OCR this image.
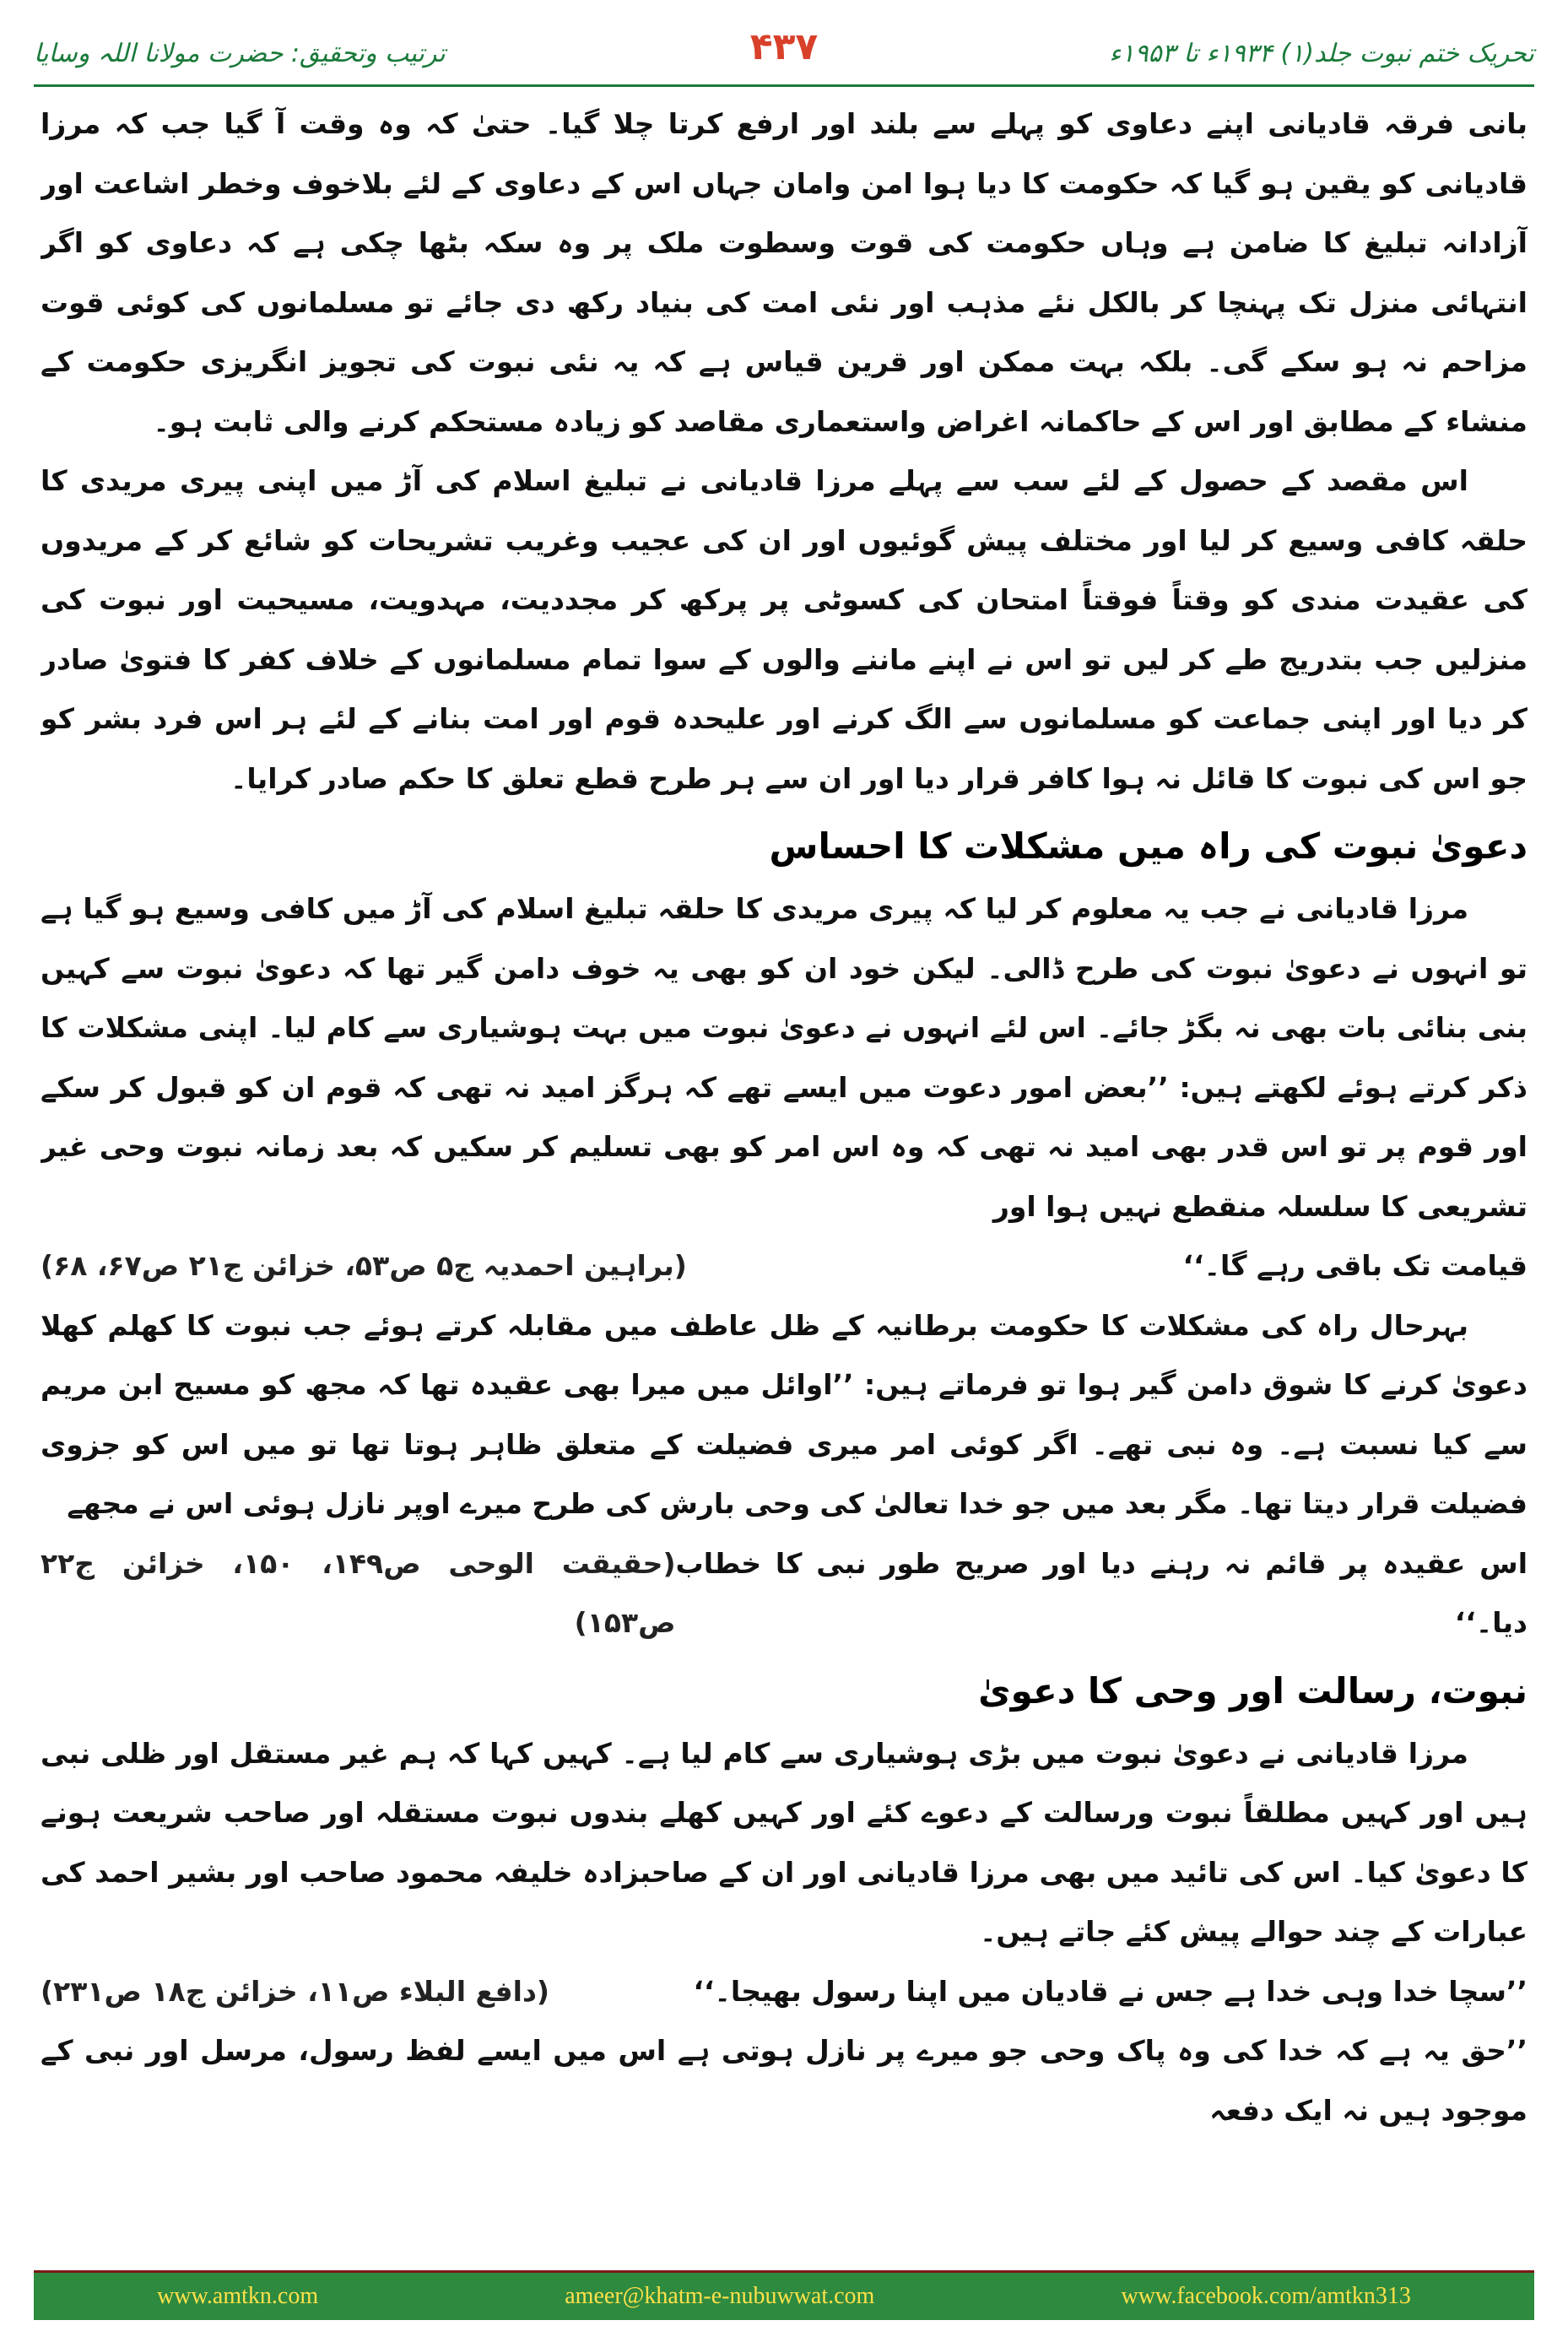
تحریک ختم نبوت جلد(۱) ۱۹۳۴ء تا ۱۹۵۳ء
۴۳۷
ترتیب وتحقیق: حضرت مولانا اللہ وسایا

بانی فرقہ قادیانی اپنے دعاوی کو پہلے سے بلند اور ارفع کرتا چلا گیا۔ حتیٰ کہ وہ وقت آ گیا جب کہ مرزا قادیانی کو یقین ہو گیا کہ حکومت کا دیا ہوا امن وامان جہاں اس کے دعاوی کے لئے بلاخوف وخطر اشاعت اور آزادانہ تبلیغ کا ضامن ہے وہاں حکومت کی قوت وسطوت ملک پر وہ سکہ بٹھا چکی ہے کہ دعاوی کو اگر انتہائی منزل تک پہنچا کر بالکل نئے مذہب اور نئی امت کی بنیاد رکھ دی جائے تو مسلمانوں کی کوئی قوت مزاحم نہ ہو سکے گی۔ بلکہ بہت ممکن اور قرین قیاس ہے کہ یہ نئی نبوت کی تجویز انگریزی حکومت کے منشاء کے مطابق اور اس کے حاکمانہ اغراض واستعماری مقاصد کو زیادہ مستحکم کرنے والی ثابت ہو۔

اس مقصد کے حصول کے لئے سب سے پہلے مرزا قادیانی نے تبلیغ اسلام کی آڑ میں اپنی پیری مریدی کا حلقہ کافی وسیع کر لیا اور مختلف پیش گوئیوں اور ان کی عجیب وغریب تشریحات کو شائع کر کے مریدوں کی عقیدت مندی کو وقتاً فوقتاً امتحان کی کسوٹی پر پرکھ کر مجددیت، مہدویت، مسیحیت اور نبوت کی منزلیں جب بتدریج طے کر لیں تو اس نے اپنے ماننے والوں کے سوا تمام مسلمانوں کے خلاف کفر کا فتویٰ صادر کر دیا اور اپنی جماعت کو مسلمانوں سے الگ کرنے اور علیحدہ قوم اور امت بنانے کے لئے ہر اس فرد بشر کو جو اس کی نبوت کا قائل نہ ہوا کافر قرار دیا اور ان سے ہر طرح قطع تعلق کا حکم صادر کرایا۔

دعویٰ نبوت کی راہ میں مشکلات کا احساس

مرزا قادیانی نے جب یہ معلوم کر لیا کہ پیری مریدی کا حلقہ تبلیغ اسلام کی آڑ میں کافی وسیع ہو گیا ہے تو انہوں نے دعویٰ نبوت کی طرح ڈالی۔ لیکن خود ان کو بھی یہ خوف دامن گیر تھا کہ دعویٰ نبوت سے کہیں بنی بنائی بات بھی نہ بگڑ جائے۔ اس لئے انہوں نے دعویٰ نبوت میں بہت ہوشیاری سے کام لیا۔ اپنی مشکلات کا ذکر کرتے ہوئے لکھتے ہیں: ’’بعض امور دعوت میں ایسے تھے کہ ہرگز امید نہ تھی کہ قوم ان کو قبول کر سکے اور قوم پر تو اس قدر بھی امید نہ تھی کہ وہ اس امر کو بھی تسلیم کر سکیں کہ بعد زمانہ نبوت وحی غیر تشریعی کا سلسلہ منقطع نہیں ہوا اور

قیامت تک باقی رہے گا۔‘‘
(براہین احمدیہ ج۵ ص۵۳، خزائن ج۲۱ ص۶۷، ۶۸)

بہرحال راہ کی مشکلات کا حکومت برطانیہ کے ظل عاطف میں مقابلہ کرتے ہوئے جب نبوت کا کھلم کھلا دعویٰ کرنے کا شوق دامن گیر ہوا تو فرماتے ہیں: ’’اوائل میں میرا بھی عقیدہ تھا کہ مجھ کو مسیح ابن مریم سے کیا نسبت ہے۔ وہ نبی تھے۔ اگر کوئی امر میری فضیلت کے متعلق ظاہر ہوتا تھا تو میں اس کو جزوی فضیلت قرار دیتا تھا۔ مگر بعد میں جو خدا تعالیٰ کی وحی بارش کی طرح میرے اوپر نازل ہوئی اس نے مجھے

اس عقیدہ پر قائم نہ رہنے دیا اور صریح طور نبی کا خطاب دیا۔‘‘
(حقیقت الوحی ص۱۴۹، ۱۵۰، خزائن ج۲۲ ص۱۵۳)
نبوت، رسالت اور وحی کا دعویٰ

مرزا قادیانی نے دعویٰ نبوت میں بڑی ہوشیاری سے کام لیا ہے۔ کہیں کہا کہ ہم غیر مستقل اور ظلی نبی ہیں اور کہیں مطلقاً نبوت ورسالت کے دعوے کئے اور کہیں کھلے بندوں نبوت مستقلہ اور صاحب شریعت ہونے کا دعویٰ کیا۔ اس کی تائید میں بھی مرزا قادیانی اور ان کے صاحبزادہ خلیفہ محمود صاحب اور بشیر احمد کی عبارات کے چند حوالے پیش کئے جاتے ہیں۔

’’سچا خدا وہی خدا ہے جس نے قادیان میں اپنا رسول بھیجا۔‘‘
(دافع البلاء ص۱۱، خزائن ج۱۸ ص۲۳۱)

’’حق یہ ہے کہ خدا کی وہ پاک وحی جو میرے پر نازل ہوتی ہے اس میں ایسے لفظ رسول، مرسل اور نبی کے موجود ہیں نہ ایک دفعہ

www.amtkn.com	ameer@khatm-e-nubuwwat.com	www.facebook.com/amtkn313
